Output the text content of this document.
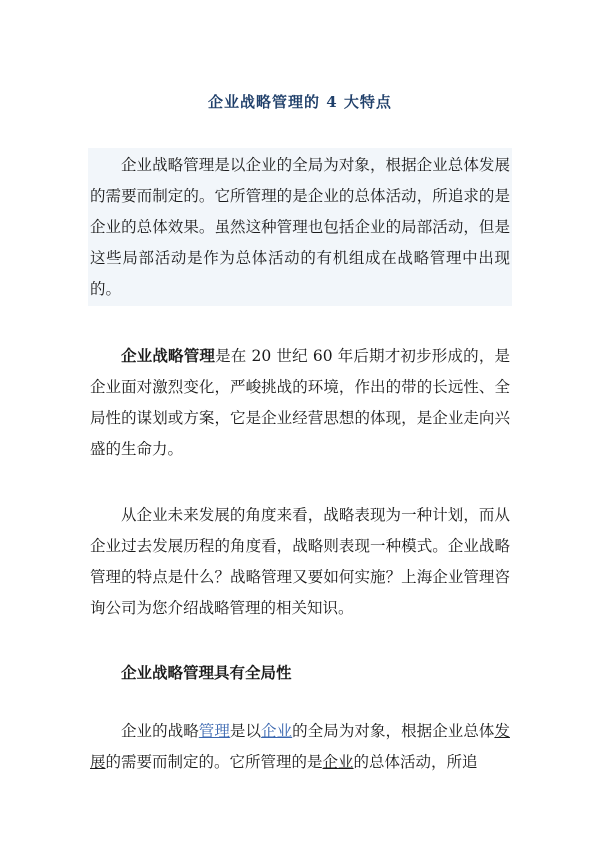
企业战略管理的 4 大特点

企业战略管理是以企业的全局为对象，根据企业总体发展的需要而制定的。它所管理的是企业的总体活动，所追求的是企业的总体效果。虽然这种管理也包括企业的局部活动，但是这些局部活动是作为总体活动的有机组成在战略管理中出现的。

企业战略管理是在 20 世纪 60 年后期才初步形成的，是企业面对激烈变化，严峻挑战的环境，作出的带的长远性、全局性的谋划或方案，它是企业经营思想的体现，是企业走向兴盛的生命力。

从企业未来发展的角度来看，战略表现为一种计划，而从企业过去发展历程的角度看，战略则表现一种模式。企业战略管理的特点是什么？战略管理又要如何实施？上海企业管理咨询公司为您介绍战略管理的相关知识。

企业战略管理具有全局性

企业的战略管理是以企业的全局为对象，根据企业总体发展的需要而制定的。它所管理的是企业的总体活动，所追
